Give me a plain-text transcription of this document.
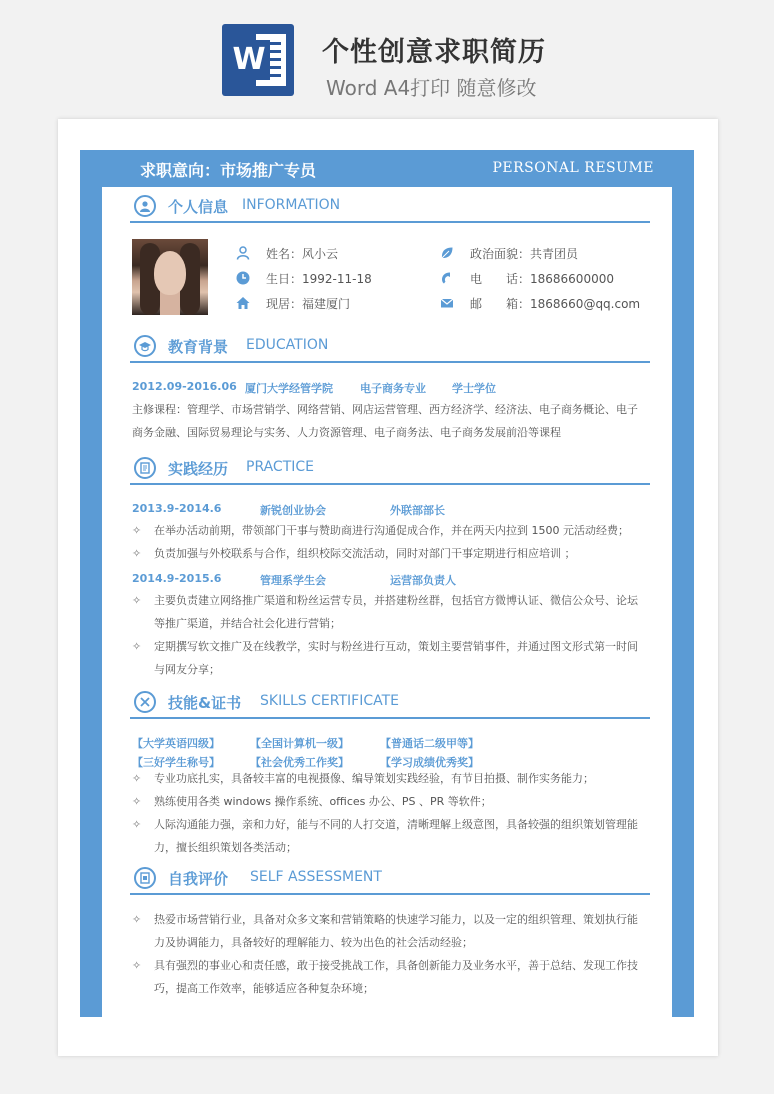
W 个性创意求职简历
Word A4打印 随意修改
求职意向：市场推广专员	PERSONAL RESUME
个人信息 INFORMATION
姓名：风小云
生日：1992-11-18
现居：福建厦门
政治面貌：共青团员
电　　话：18686600000
邮　　箱：1868660@qq.com
教育背景 EDUCATION
2012.09-2016.06 厦门大学经管学院 电子商务专业 学士学位
主修课程：管理学、市场营销学、网络营销、网店运营管理、西方经济学、经济法、电子商务概论、电子商务金融、国际贸易理论与实务、人力资源管理、电子商务法、电子商务发展前沿等课程
实践经历 PRACTICE
2013.9-2014.6	新锐创业协会	外联部部长
✧ 在举办活动前期，带领部门干事与赞助商进行沟通促成合作，并在两天内拉到 1500 元活动经费；
✧ 负责加强与外校联系与合作，组织校际交流活动，同时对部门干事定期进行相应培训 ；
2014.9-2015.6	管理系学生会	运营部负责人
✧ 主要负责建立网络推广渠道和粉丝运营专员，并搭建粉丝群，包括官方微博认证、微信公众号、论坛等推广渠道，并结合社会化进行营销；
✧ 定期撰写软文推广及在线教学，实时与粉丝进行互动，策划主要营销事件，并通过图文形式第一时间与网友分享；
技能&证书 SKILLS CERTIFICATE
【大学英语四级】	【全国计算机一级】	【普通话二级甲等】
【三好学生称号】	【社会优秀工作奖】	【学习成绩优秀奖】
✧ 专业功底扎实，具备较丰富的电视摄像、编导策划实践经验，有节目拍摄、制作实务能力；
✧ 熟练使用各类 windows 操作系统、offices 办公、PS 、PR 等软件；
✧ 人际沟通能力强，亲和力好，能与不同的人打交道，清晰理解上级意图，具备较强的组织策划管理能力，擅长组织策划各类活动；
自我评价 SELF ASSESSMENT
✧ 热爱市场营销行业，具备对众多文案和营销策略的快速学习能力，以及一定的组织管理、策划执行能力及协调能力，具备较好的理解能力、较为出色的社会活动经验；
✧ 具有强烈的事业心和责任感，敢于接受挑战工作，具备创新能力及业务水平，善于总结、发现工作技巧，提高工作效率，能够适应各种复杂环境；
